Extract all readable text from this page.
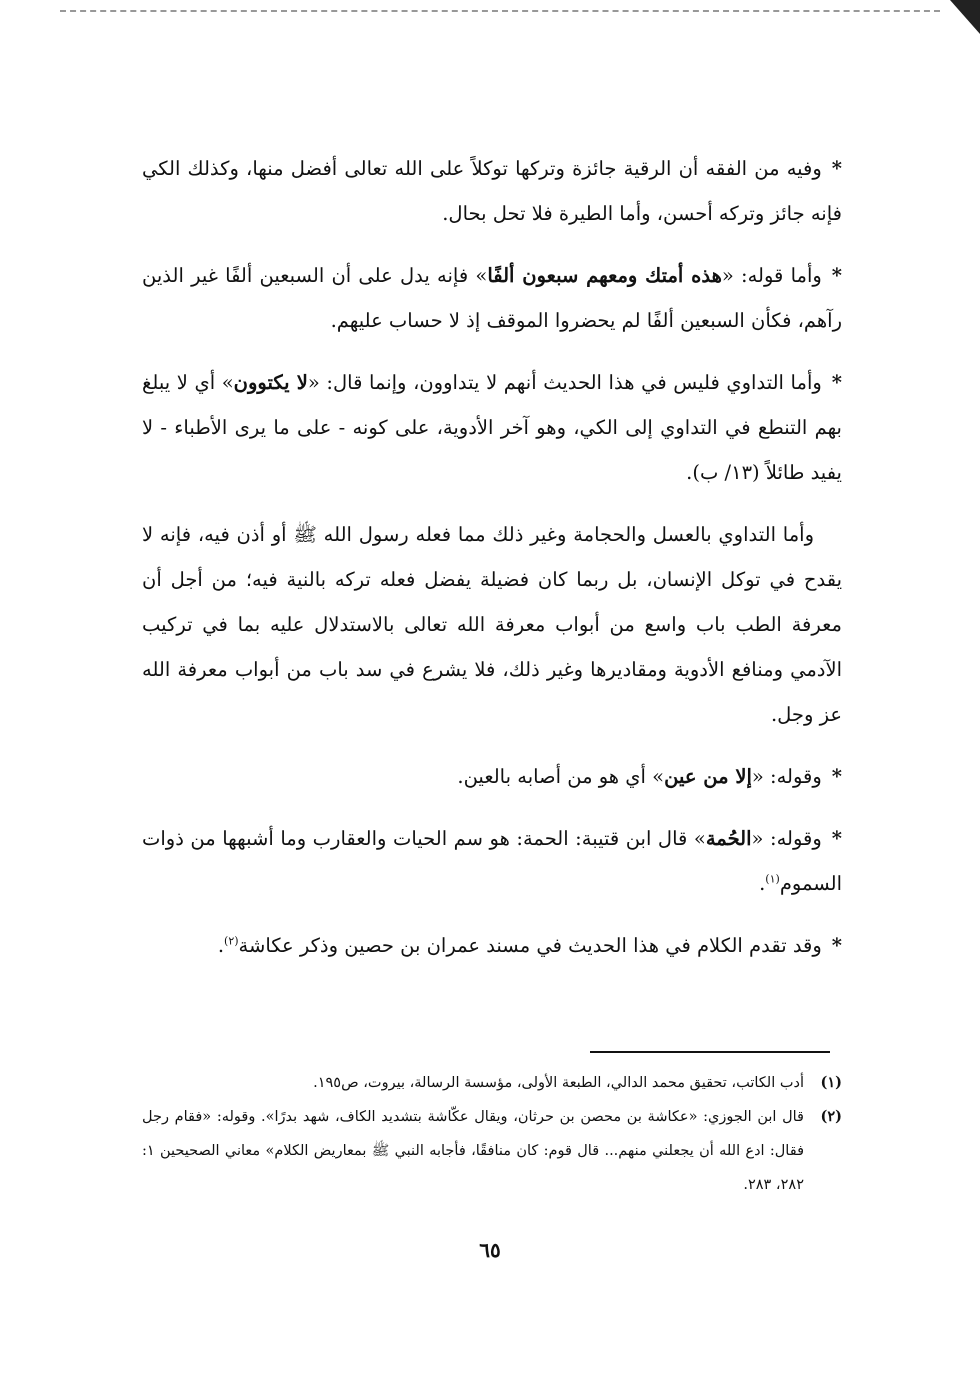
*وفيه من الفقه أن الرقية جائزة وتركها توكلاً على الله تعالى أفضل منها، وكذلك الكي فإنه جائز وتركه أحسن، وأما الطيرة فلا تحل بحال.

*وأما قوله: «هذه أمتك ومعهم سبعون ألفًا» فإنه يدل على أن السبعين ألفًا غير الذين رآهم، فكأن السبعين ألفًا لم يحضروا الموقف إذ لا حساب عليهم.

*وأما التداوي فليس في هذا الحديث أنهم لا يتداوون، وإنما قال: «لا يكتوون» أي لا يبلغ بهم التنطع في التداوي إلى الكي، وهو آخر الأدوية، على كونه - على ما يرى الأطباء - لا يفيد طائلاً (١٣/ ب).

وأما التداوي بالعسل والحجامة وغير ذلك مما فعله رسول الله ﷺ أو أذن فيه، فإنه لا يقدح في توكل الإنسان، بل ربما كان فضيلة يفضل فعله تركه بالنية فيه؛ من أجل أن معرفة الطب باب واسع من أبواب معرفة الله تعالى بالاستدلال عليه بما في تركيب الآدمي ومنافع الأدوية ومقاديرها وغير ذلك، فلا يشرع في سد باب من أبواب معرفة الله عز وجل.

*وقوله: «إلا من عين» أي هو من أصابه بالعين.

*وقوله: «الحُمة» قال ابن قتيبة: الحمة: هو سم الحيات والعقارب وما أشبهها من ذوات السموم$^{(١)}$.

*وقد تقدم الكلام في هذا الحديث في مسند عمران بن حصين وذكر عكاشة$^{(٢)}$.

(١)
أدب الكاتب، تحقيق محمد الدالي، الطبعة الأولى، مؤسسة الرسالة، بيروت، ص١٩٥.

(٢)
قال ابن الجوزي: «عكاشة بن محصن بن حرثان، ويقال عكّاشة بتشديد الكاف، شهد بدرًا». وقوله: «فقام رجل فقال: ادع الله أن يجعلني منهم... قال قوم: كان منافقًا، فأجابه النبي ﷺ بمعاريض الكلام» معاني الصحيحين ١: ٢٨٢، ٢٨٣.

٦٥
